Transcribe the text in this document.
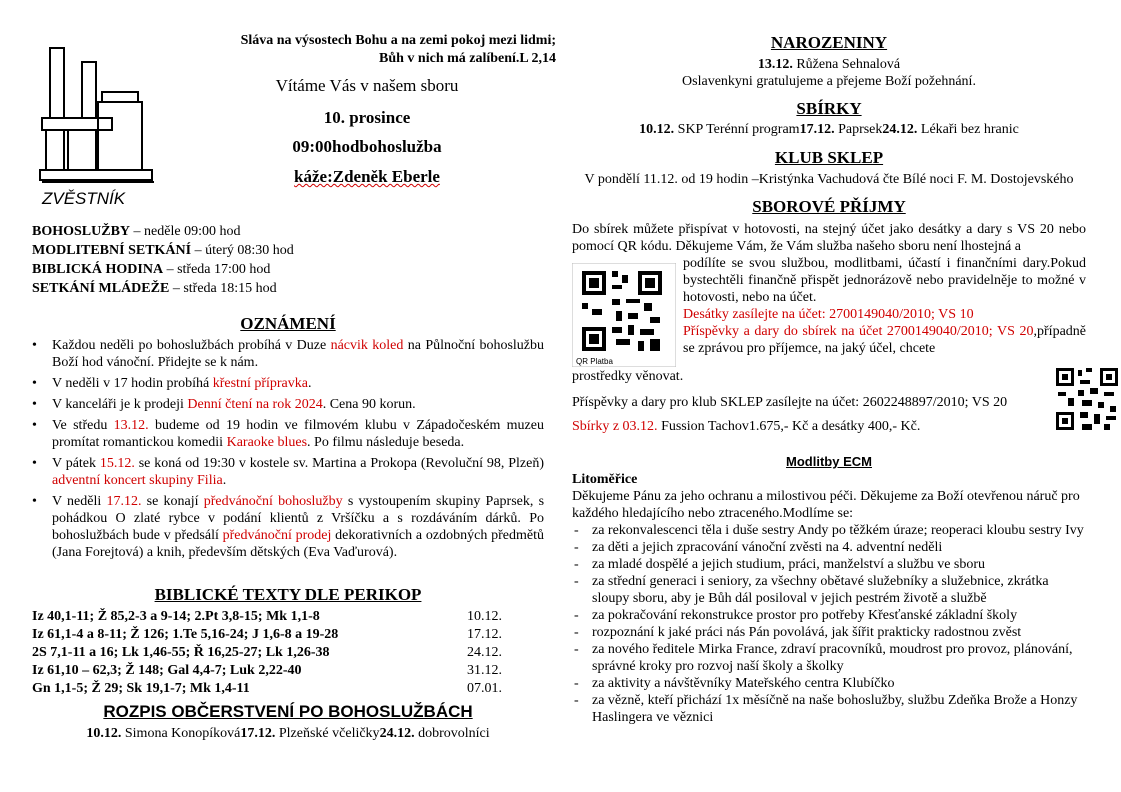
ZVĚSTNÍK
Sláva na výsostech Bohu a na zemi pokoj mezi lidmi;
Bůh v nich má zalíbení.L 2,14
Vítáme Vás v našem sboru
10. prosince
09:00hodbohoslužba
káže:Zdeněk Eberle
BOHOSLUŽBY – neděle 09:00 hod
MODLITEBNÍ SETKÁNÍ – úterý 08:30 hod
BIBLICKÁ HODINA – středa 17:00 hod
SETKÁNÍ MLÁDEŽE – středa 18:15 hod
OZNÁMENÍ
• Každou neděli po bohoslužbách probíhá v Duze nácvik koled na Půlnoční bohoslužbu Boží hod vánoční. Přidejte se k nám.
• V neděli v 17 hodin probíhá křestní přípravka.
• V kanceláři je k prodeji Denní čtení na rok 2024. Cena 90 korun.
• Ve středu 13.12. budeme od 19 hodin ve filmovém klubu v Západočeském muzeu promítat romantickou komedii Karaoke blues. Po filmu následuje beseda.
• V pátek 15.12. se koná od 19:30 v kostele sv. Martina a Prokopa (Revoluční 98, Plzeň) adventní koncert skupiny Filia.
• V neděli 17.12. se konají předvánoční bohoslužby s vystoupením skupiny Paprsek, s pohádkou O zlaté rybce v podání klientů z Vršíčku a s rozdáváním dárků. Po bohoslužbách bude v předsálí předvánoční prodej dekorativních a ozdobných předmětů (Jana Forejtová) a knih, především dětských (Eva Vaďurová).
BIBLICKÉ TEXTY DLE PERIKOP
Iz 40,1-11; Ž 85,2-3 a 9-14; 2.Pt 3,8-15; Mk 1,1-8	10.12.
Iz 61,1-4 a 8-11; Ž 126; 1.Te 5,16-24; J 1,6-8 a 19-28	17.12.
2S 7,1-11 a 16; Lk 1,46-55; Ř 16,25-27; Lk 1,26-38	24.12.
Iz 61,10 – 62,3; Ž 148; Gal 4,4-7; Luk 2,22-40	31.12.
Gn 1,1-5; Ž 29; Sk 19,1-7; Mk 1,4-11	07.01.
ROZPIS OBČERSTVENÍ PO BOHOSLUŽBÁCH
10.12. Simona Konopíková17.12. Plzeňské včeličky24.12. dobrovolníci
NAROZENINY
13.12. Růžena Sehnalová
Oslavenkyni gratulujeme a přejeme Boží požehnání.
SBÍRKY
10.12. SKP Terénní program17.12. Paprsek24.12. Lékaři bez hranic
KLUB SKLEP
V pondělí 11.12. od 19 hodin –Kristýnka Vachudová čte Bílé noci F. M. Dostojevského
SBOROVÉ PŘÍJMY
Do sbírek můžete přispívat v hotovosti, na stejný účet jako desátky a dary s VS 20 nebo pomocí QR kódu. Děkujeme Vám, že Vám služba našeho sboru není lhostejná a
QR Platba
podílíte se svou službou, modlitbami, účastí i finančními dary.Pokud bystechtěli finančně přispět jednorázově nebo pravidelněje to možné v hotovosti, nebo na účet.
Desátky zasílejte na účet: 2700149040/2010; VS 10
Příspěvky a dary do sbírek na účet 2700149040/2010; VS 20,případně se zprávou pro příjemce, na jaký účel, chcete
prostředky věnovat.
Příspěvky a dary pro klub SKLEP zasílejte na účet: 2602248897/2010; VS 20
Sbírky z 03.12. Fussion Tachov1.675,- Kč a desátky 400,- Kč.
Modlitby ECM
Litoměřice
Děkujeme Pánu za jeho ochranu a milostivou péči. Děkujeme za Boží otevřenou náruč pro každého hledajícího nebo ztraceného.Modlíme se:
- za rekonvalescenci těla i duše sestry Andy po těžkém úraze; reoperaci kloubu sestry Ivy
- za děti a jejich zpracování vánoční zvěsti na 4. adventní neděli
- za mladé dospělé a jejich studium, práci, manželství a službu ve sboru
- za střední generaci i seniory, za všechny obětavé služebníky a služebnice, zkrátka sloupy sboru, aby je Bůh dál posiloval v jejich pestrém životě a službě
- za pokračování rekonstrukce prostor pro potřeby Křesťanské základní školy
- rozpoznání k jaké práci nás Pán povolává, jak šířit prakticky radostnou zvěst
- za nového ředitele Mirka France, zdraví pracovníků, moudrost pro provoz, plánování, správné kroky pro rozvoj naší školy a školky
- za aktivity a návštěvníky Mateřského centra Klubíčko
- za vězně, kteří přichází 1x měsíčně na naše bohoslužby, službu Zdeňka Brože a Honzy Haslingera ve věznici
